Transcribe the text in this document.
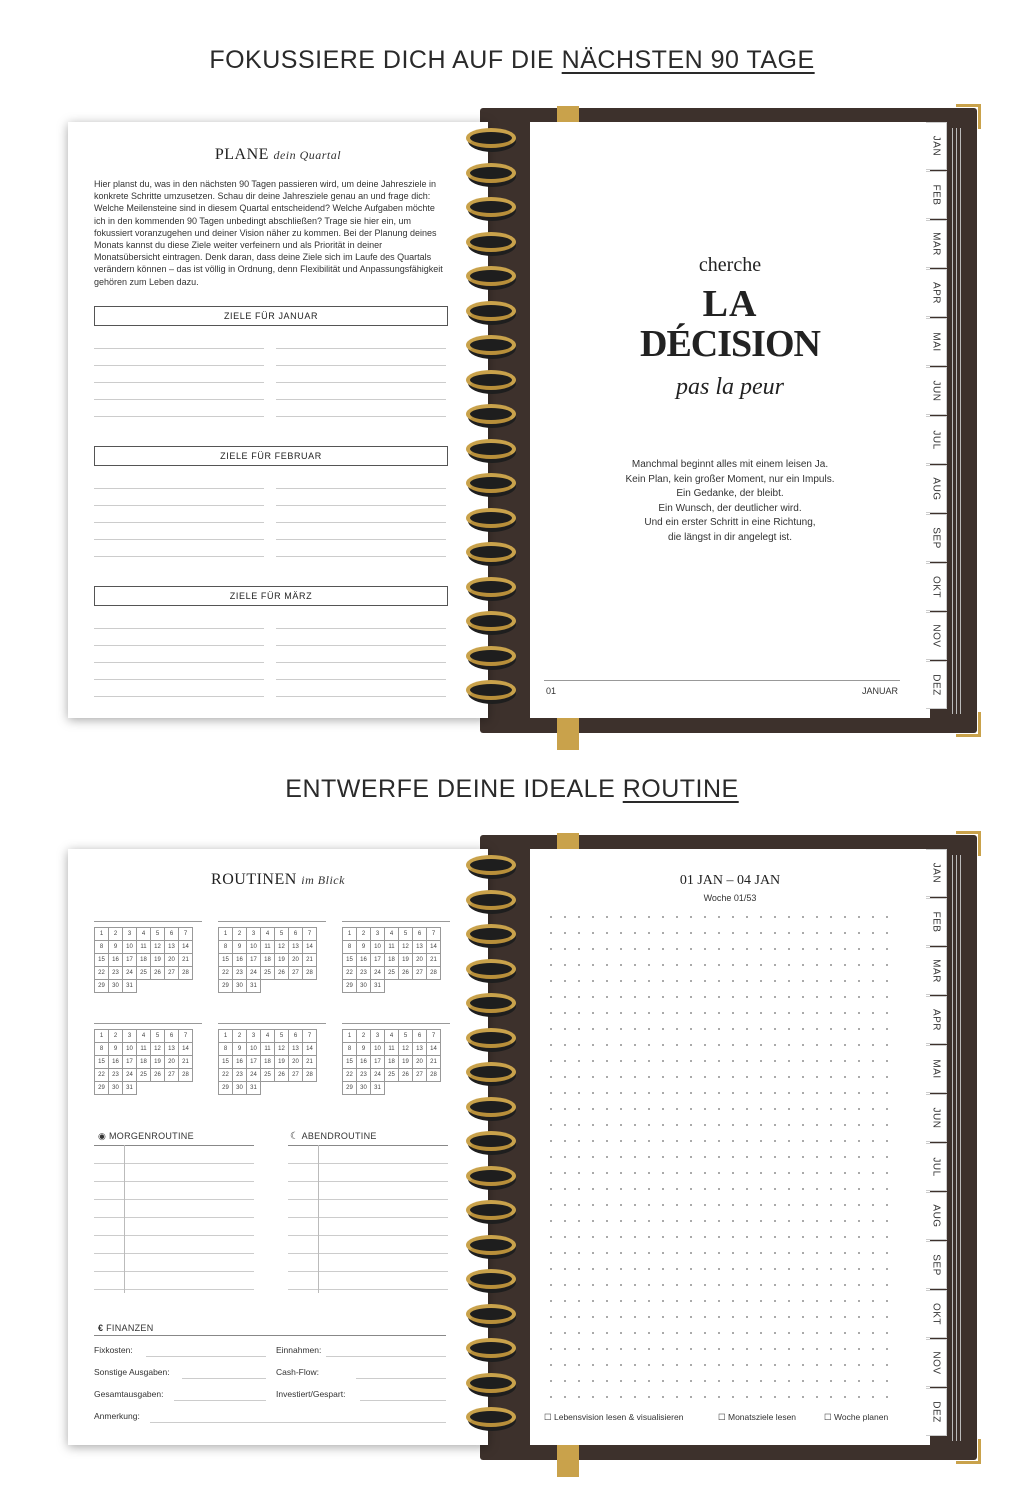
FOKUSSIERE DICH AUF DIE NÄCHSTEN 90 TAGE
PLANE dein Quartal
Hier planst du, was in den nächsten 90 Tagen passieren wird, um deine Jahresziele in konkrete Schritte umzusetzen. Schau dir deine Jahresziele genau an und frage dich: Welche Meilensteine sind in diesem Quartal entscheidend? Welche Aufgaben möchte ich in den kommenden 90 Tagen unbedingt abschließen? Trage sie hier ein, um fokussiert voranzugehen und deiner Vision näher zu kommen. Bei der Planung deines Monats kannst du diese Ziele weiter verfeinern und als Priorität in deiner Monatsübersicht eintragen. Denk daran, dass deine Ziele sich im Laufe des Quartals verändern können – das ist völlig in Ordnung, denn Flexibilität und Anpassungsfähigkeit gehören zum Leben dazu.
ZIELE FÜR JANUAR
ZIELE FÜR FEBRUAR
ZIELE FÜR MÄRZ
cherche
LA
DÉCISION
pas la peur
Manchmal beginnt alles mit einem leisen Ja.
Kein Plan, kein großer Moment, nur ein Impuls.
Ein Gedanke, der bleibt.
Ein Wunsch, der deutlicher wird.
Und ein erster Schritt in eine Richtung,
die längst in dir angelegt ist.
01	JANUAR
JAN
FEB
MAR
APR
MAI
JUN
JUL
AUG
SEP
OKT
NOV
DEZ
ENTWERFE DEINE IDEALE ROUTINE
ROUTINEN im Blick
1	2	3	4	5	6	7
8	9	10	11	12	13	14
15	16	17	18	19	20	21
22	23	24	25	26	27	28
29	30	31				
1	2	3	4	5	6	7
8	9	10	11	12	13	14
15	16	17	18	19	20	21
22	23	24	25	26	27	28
29	30	31				
1	2	3	4	5	6	7
8	9	10	11	12	13	14
15	16	17	18	19	20	21
22	23	24	25	26	27	28
29	30	31				
1	2	3	4	5	6	7
8	9	10	11	12	13	14
15	16	17	18	19	20	21
22	23	24	25	26	27	28
29	30	31				
1	2	3	4	5	6	7
8	9	10	11	12	13	14
15	16	17	18	19	20	21
22	23	24	25	26	27	28
29	30	31				
1	2	3	4	5	6	7
8	9	10	11	12	13	14
15	16	17	18	19	20	21
22	23	24	25	26	27	28
29	30	31				
◉ MORGENROUTINE	☾ ABENDROUTINE
€ FINANZEN
Fixkosten:	Einnahmen:
Sonstige Ausgaben:	Cash-Flow:
Gesamtausgaben:	Investiert/Gespart:
Anmerkung:
01 JAN – 04 JAN
Woche 01/53
☐ Lebensvision lesen & visualisieren	☐ Monatsziele lesen	☐ Woche planen
JAN
FEB
MAR
APR
MAI
JUN
JUL
AUG
SEP
OKT
NOV
DEZ
